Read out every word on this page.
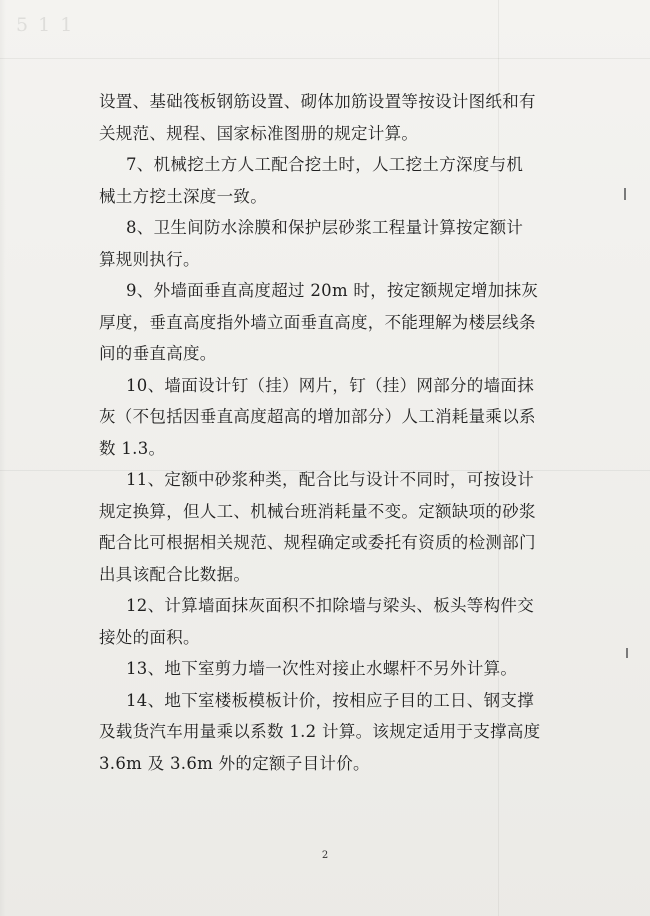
5 1 1
设置、基础筏板钢筋设置、砌体加筋设置等按设计图纸和有
关规范、规程、国家标准图册的规定计算。
7、机械挖土方人工配合挖土时，人工挖土方深度与机
械土方挖土深度一致。
8、卫生间防水涂膜和保护层砂浆工程量计算按定额计
算规则执行。
9、外墙面垂直高度超过 20m 时，按定额规定增加抹灰
厚度，垂直高度指外墙立面垂直高度，不能理解为楼层线条
间的垂直高度。
10、墙面设计钉（挂）网片，钉（挂）网部分的墙面抹
灰（不包括因垂直高度超高的增加部分）人工消耗量乘以系
数 1.3。
11、定额中砂浆种类，配合比与设计不同时，可按设计
规定换算，但人工、机械台班消耗量不变。定额缺项的砂浆
配合比可根据相关规范、规程确定或委托有资质的检测部门
出具该配合比数据。
12、计算墙面抹灰面积不扣除墙与梁头、板头等构件交
接处的面积。
13、地下室剪力墙一次性对接止水螺杆不另外计算。
14、地下室楼板模板计价，按相应子目的工日、钢支撑
及载货汽车用量乘以系数 1.2 计算。该规定适用于支撑高度
3.6m 及 3.6m 外的定额子目计价。
2
